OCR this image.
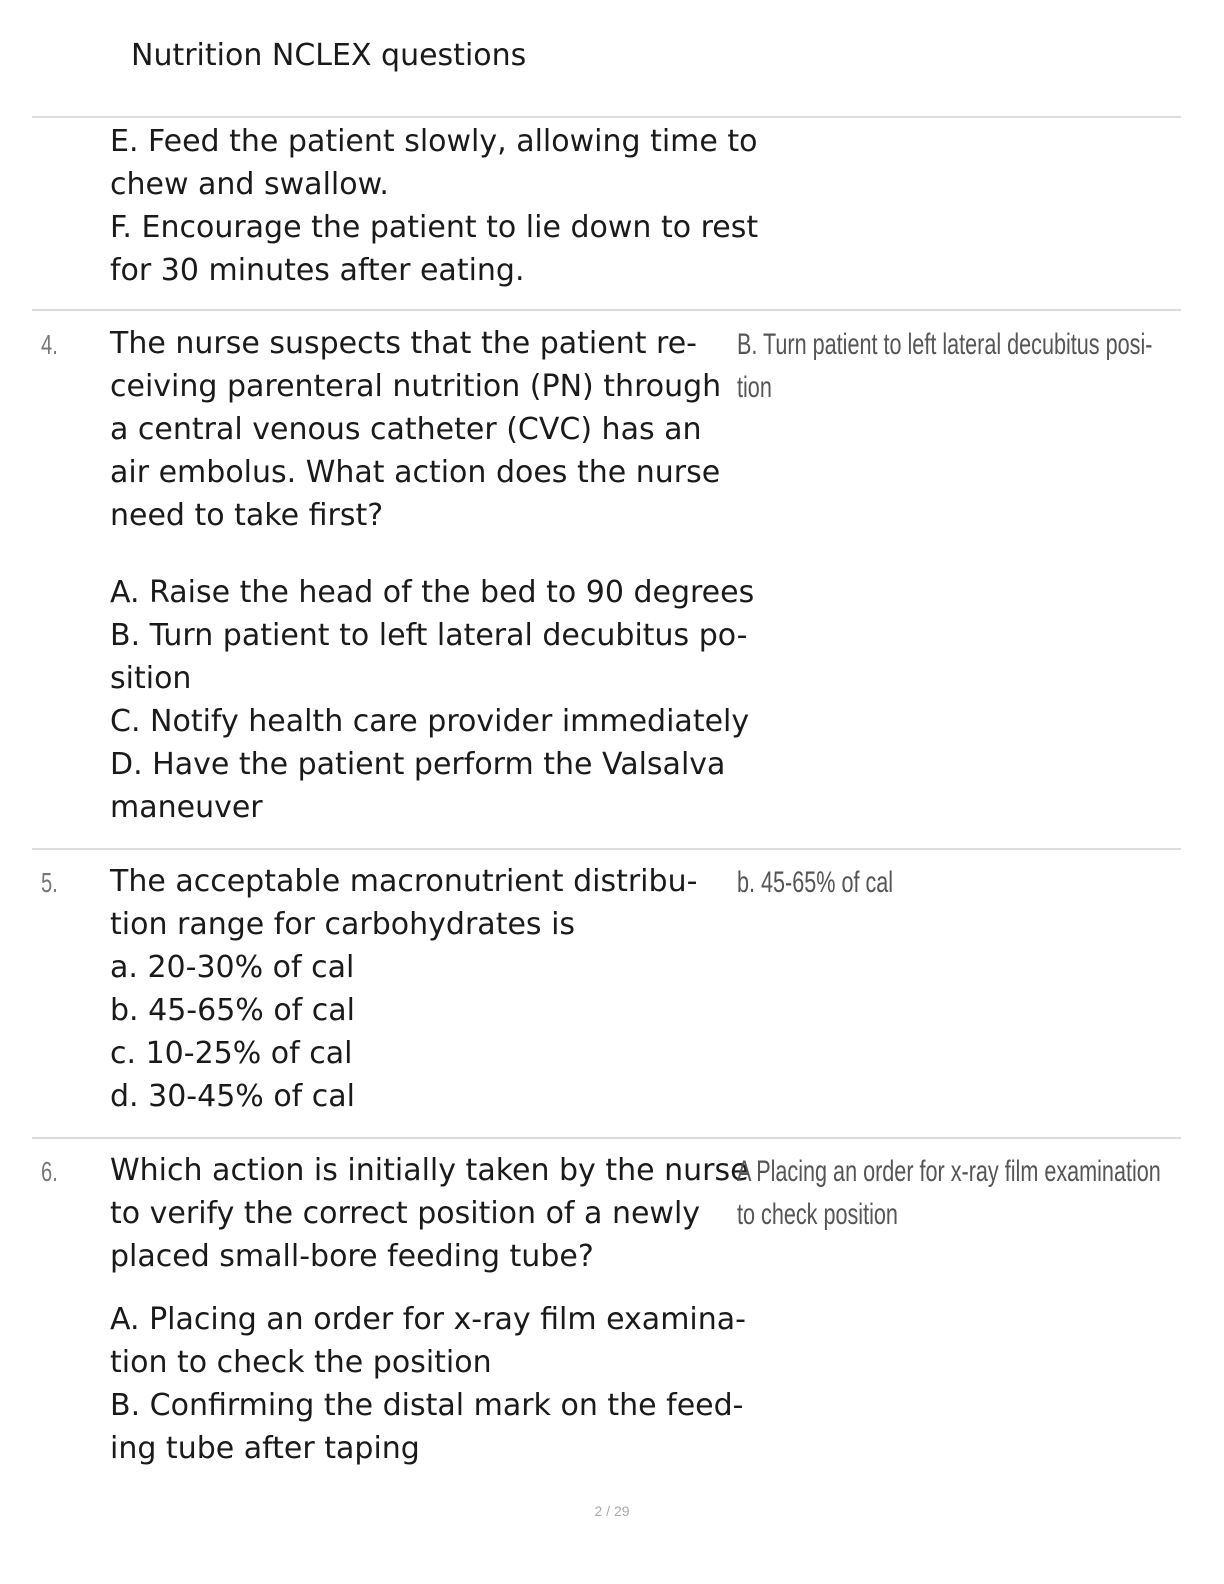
Nutrition NCLEX questions

E. Feed the patient slowly, allowing time to

chew and swallow.

F. Encourage the patient to lie down to rest

for 30 minutes after eating.

4. The nurse suspects that the patient re-

ceiving parenteral nutrition (PN) through

a central venous catheter (CVC) has an

air embolus. What action does the nurse

need to take first?

A. Raise the head of the bed to 90 degrees

B. Turn patient to left lateral decubitus po-

sition

C. Notify health care provider immediately

D. Have the patient perform the Valsalva

maneuver

B. Turn patient to left lateral decubitus posi-

tion

5. The acceptable macronutrient distribu-

tion range for carbohydrates is

a. 20-30% of cal

b. 45-65% of cal

c. 10-25% of cal

d. 30-45% of cal

b. 45-65% of cal

6. Which action is initially taken by the nurse

to verify the correct position of a newly

placed small-bore feeding tube?

A. Placing an order for x-ray film examina-

tion to check the position

B. Confirming the distal mark on the feed-

ing tube after taping

A Placing an order for x-ray film examination

to check position

2 / 29
